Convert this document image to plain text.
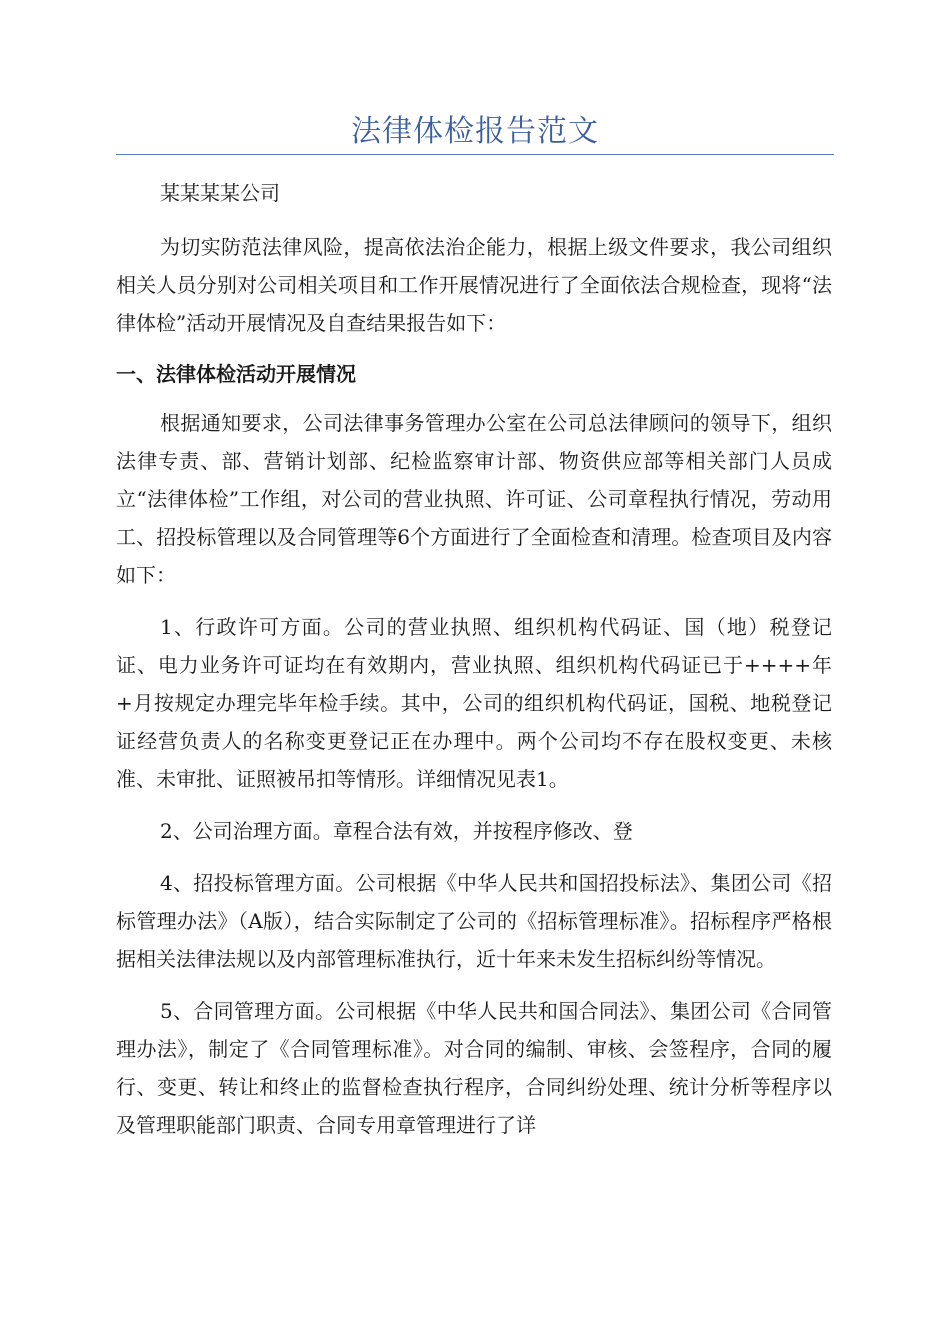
法律体检报告范文

某某某某公司

为切实防范法律风险，提高依法治企能力，根据上级文件要求，我公司组织相关人员分别对公司相关项目和工作开展情况进行了全面依法合规检查，现将“法律体检”活动开展情况及自查结果报告如下：

一、法律体检活动开展情况

根据通知要求，公司法律事务管理办公室在公司总法律顾问的领导下，组织法律专责、部、营销计划部、纪检监察审计部、物资供应部等相关部门人员成立“法律体检”工作组，对公司的营业执照、许可证、公司章程执行情况，劳动用工、招投标管理以及合同管理等6个方面进行了全面检查和清理。检查项目及内容如下：

1、行政许可方面。公司的营业执照、组织机构代码证、国（地）税登记证、电力业务许可证均在有效期内，营业执照、组织机构代码证已于++++年+月按规定办理完毕年检手续。其中，公司的组织机构代码证，国税、地税登记证经营负责人的名称变更登记正在办理中。两个公司均不存在股权变更、未核准、未审批、证照被吊扣等情形。详细情况见表1。

2、公司治理方面。章程合法有效，并按程序修改、登

4、招投标管理方面。公司根据《中华人民共和国招投标法》、集团公司《招标管理办法》（A版），结合实际制定了公司的《招标管理标准》。招标程序严格根据相关法律法规以及内部管理标准执行，近十年来未发生招标纠纷等情况。

5、合同管理方面。公司根据《中华人民共和国合同法》、集团公司《合同管理办法》，制定了《合同管理标准》。对合同的编制、审核、会签程序，合同的履行、变更、转让和终止的监督检查执行程序，合同纠纷处理、统计分析等程序以及管理职能部门职责、合同专用章管理进行了详
